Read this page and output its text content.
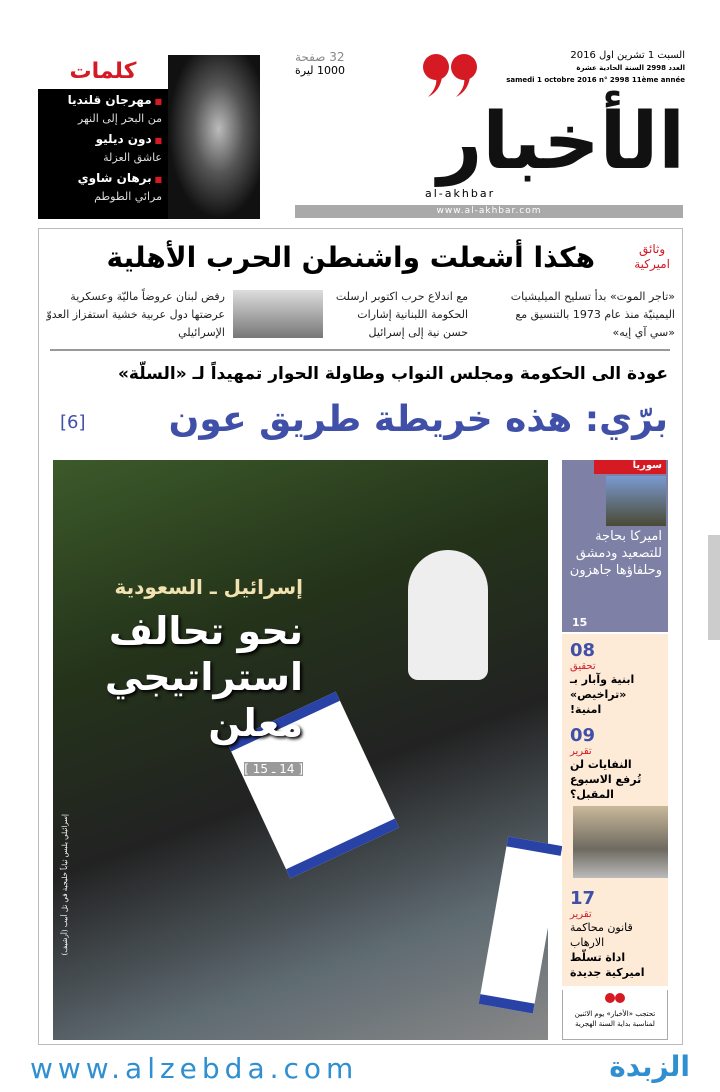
كلمات
■ مهرجان قلنديا
من البحر إلى النهر
■ دون ديليو
عاشق العزلة
■ برهان شاوي
مرائي الطوطم
السبت 1 تشرين اول 2016
العدد 2998 السنة الحادية عشرة
samedi 1 octobre 2016 n° 2998 11ème année
32 صفحة
1000 ليرة
الأخبار
al-akhbar
www.al-akhbar.com
وثائق
اميركية
هكذا أشعلت واشنطن الحرب الأهلية
«تاجر الموت» بدأ تسليح الميليشيات اليمينيّة منذ عام 1973 بالتنسيق مع «سي آي إيه»
مع اندلاع حرب اكتوبر ارسلت الحكومة اللبنانية إشارات حسن نية إلى إسرائيل
رفض لبنان عروضاً ماليّة وعسكرية عرضتها دول عربية خشية استفزاز العدوّ الإسرائيلي
عودة الى الحكومة ومجلس النواب وطاولة الحوار تمهيداً لـ «السلّة»
برّي: هذه خريطة طريق عون
[6]
إسرائيل ـ السعودية
نحو تحالف استراتيجي معلن
[ 14 ـ 15 ]
إسرائيلي يلبس ثياباً خليجية في تل أبيب (أرشيف)
سوريا
اميركا بحاجة للتصعيد ودمشق وحلفاؤها جاهزون
15
08
تحقيق
ابنية وآبار بـ «تراخيص» امنية!
09
تقرير
النفايات لن تُرفع الاسبوع المقبل؟
17
تقرير
قانون محاكمة الارهاب
اداة تسلّط اميركية جديدة
تحتجب «الأخبار» يوم الاثنين لمناسبة بداية السنة الهجرية
www.alzebda.com	الزبدة
